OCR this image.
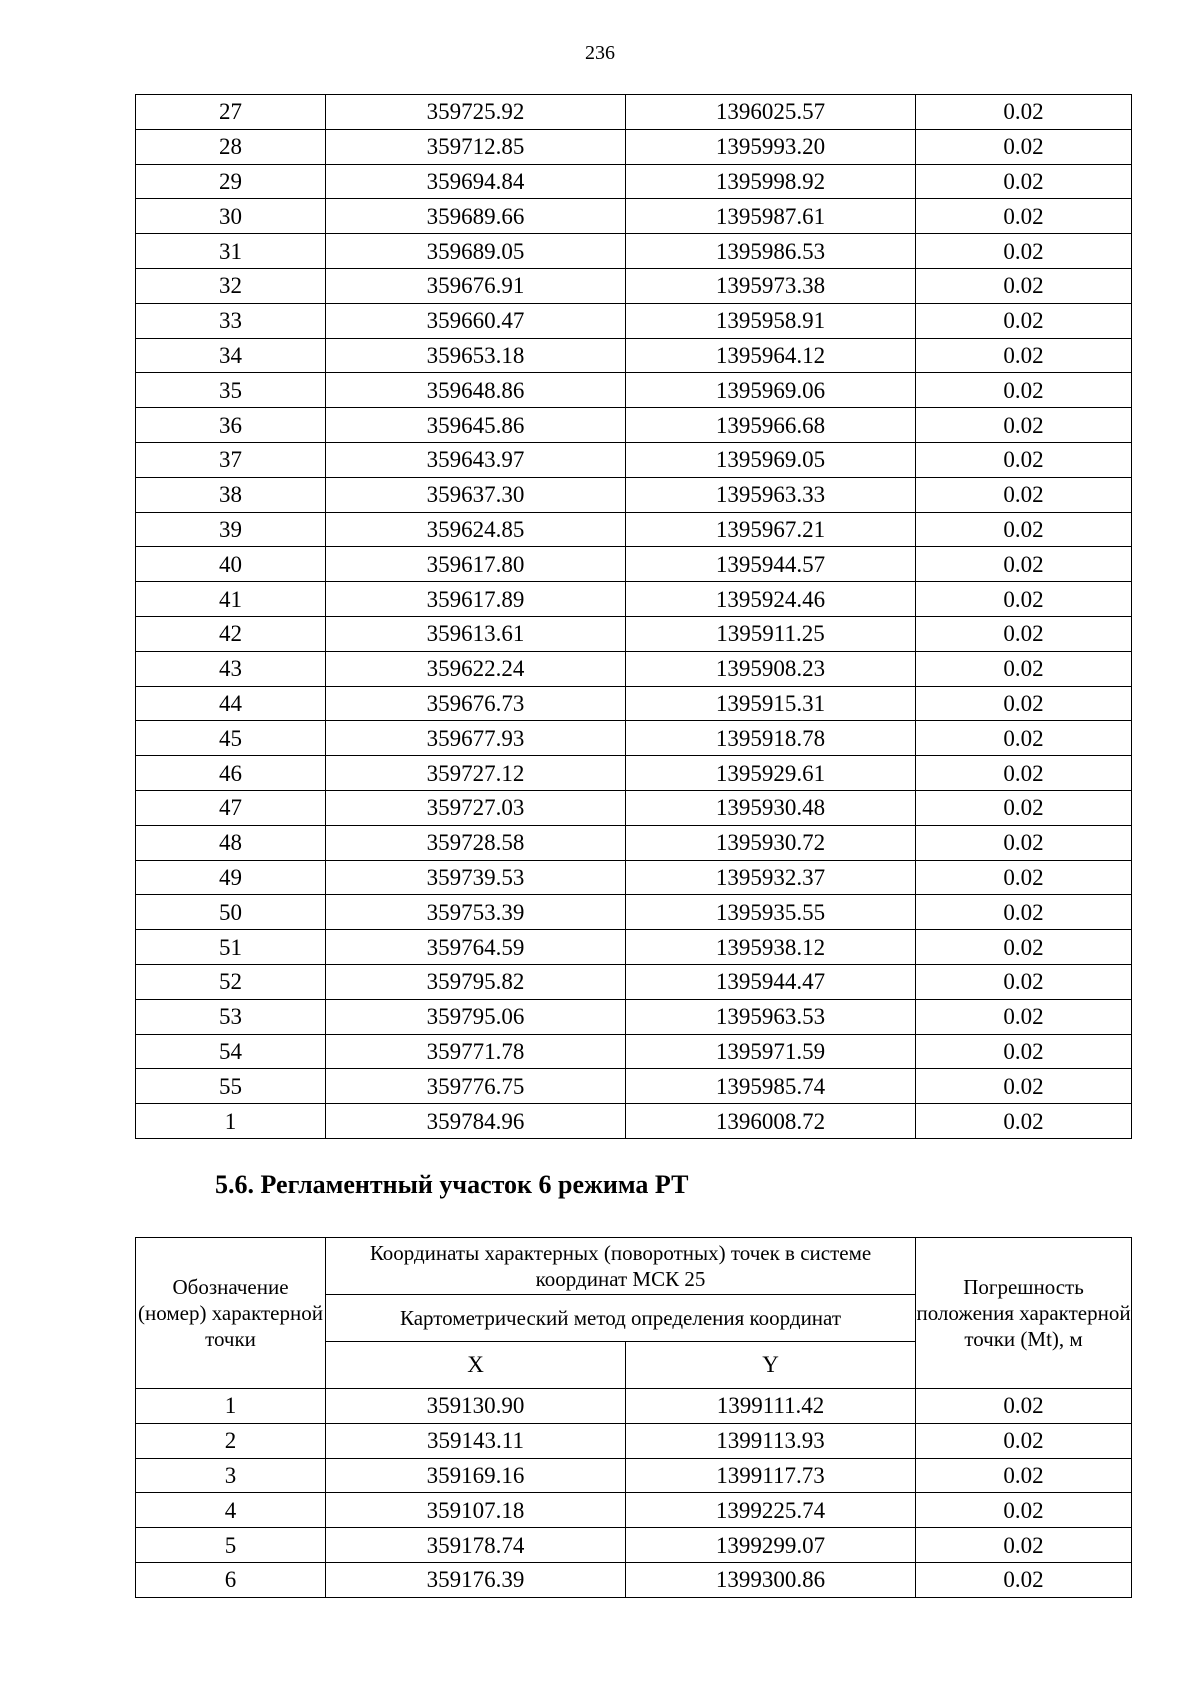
236
27	359725.92	1396025.57	0.02
28	359712.85	1395993.20	0.02
29	359694.84	1395998.92	0.02
30	359689.66	1395987.61	0.02
31	359689.05	1395986.53	0.02
32	359676.91	1395973.38	0.02
33	359660.47	1395958.91	0.02
34	359653.18	1395964.12	0.02
35	359648.86	1395969.06	0.02
36	359645.86	1395966.68	0.02
37	359643.97	1395969.05	0.02
38	359637.30	1395963.33	0.02
39	359624.85	1395967.21	0.02
40	359617.80	1395944.57	0.02
41	359617.89	1395924.46	0.02
42	359613.61	1395911.25	0.02
43	359622.24	1395908.23	0.02
44	359676.73	1395915.31	0.02
45	359677.93	1395918.78	0.02
46	359727.12	1395929.61	0.02
47	359727.03	1395930.48	0.02
48	359728.58	1395930.72	0.02
49	359739.53	1395932.37	0.02
50	359753.39	1395935.55	0.02
51	359764.59	1395938.12	0.02
52	359795.82	1395944.47	0.02
53	359795.06	1395963.53	0.02
54	359771.78	1395971.59	0.02
55	359776.75	1395985.74	0.02
1	359784.96	1396008.72	0.02
5.6. Регламентный участок 6 режима РТ
Обозначение (номер) характерной точки	Координаты характерных (поворотных) точек в системе координат МСК 25		Погрешность положения характерной точки (Mt), м
	Картометрический метод определения координат		
	X	Y	
1	359130.90	1399111.42	0.02
2	359143.11	1399113.93	0.02
3	359169.16	1399117.73	0.02
4	359107.18	1399225.74	0.02
5	359178.74	1399299.07	0.02
6	359176.39	1399300.86	0.02
